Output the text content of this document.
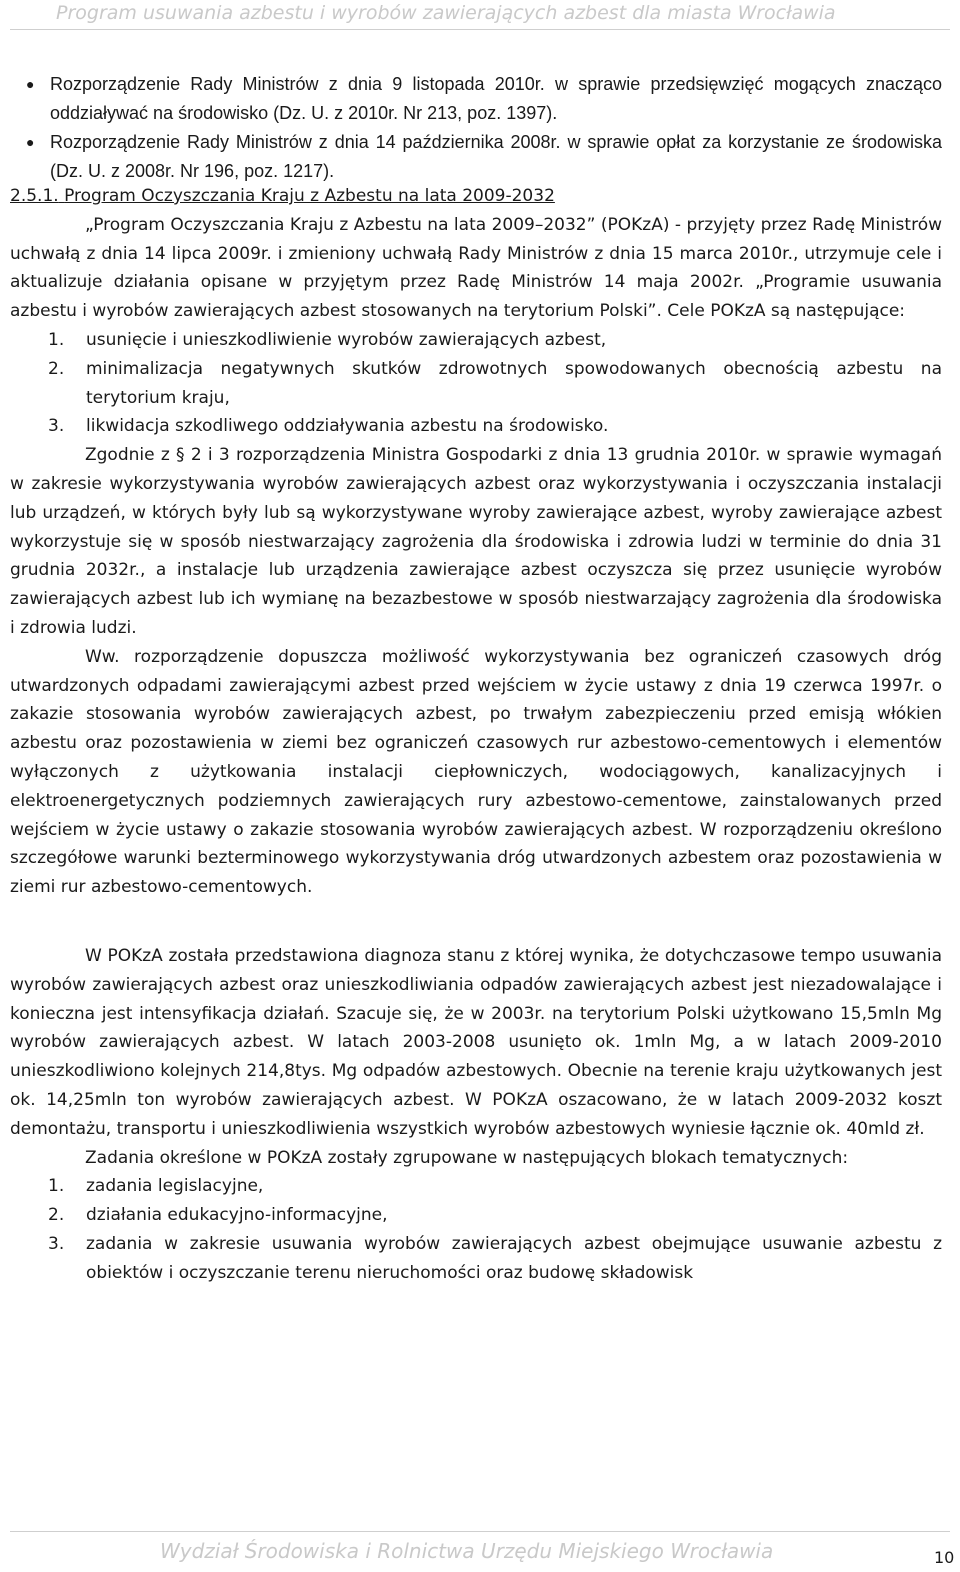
Program usuwania azbestu i wyrobów zawierających azbest dla miasta Wrocławia
● Rozporządzenie Rady Ministrów z dnia 9 listopada 2010r. w sprawie przedsięwzięć mogących znacząco oddziaływać na środowisko (Dz. U. z 2010r. Nr 213, poz. 1397).
● Rozporządzenie Rady Ministrów z dnia 14 października 2008r. w sprawie opłat za korzystanie ze środowiska (Dz. U. z 2008r. Nr 196, poz. 1217).
2.5.1. Program Oczyszczania Kraju z Azbestu na lata 2009-2032

„Program Oczyszczania Kraju z Azbestu na lata 2009–2032” (POKzA) - przyjęty przez Radę Ministrów uchwałą z dnia 14 lipca 2009r. i zmieniony uchwałą Rady Ministrów z dnia 15 marca 2010r., utrzymuje cele i aktualizuje działania opisane w przyjętym przez Radę Ministrów 14 maja 2002r. „Programie usuwania azbestu i wyrobów zawierających azbest stosowanych na terytorium Polski”. Cele POKzA są następujące:

1. usunięcie i unieszkodliwienie wyrobów zawierających azbest,
2. minimalizacja negatywnych skutków zdrowotnych spowodowanych obecnością azbestu na terytorium kraju,
3. likwidacja szkodliwego oddziaływania azbestu na środowisko.

Zgodnie z § 2 i 3 rozporządzenia Ministra Gospodarki z dnia 13 grudnia 2010r. w sprawie wymagań w zakresie wykorzystywania wyrobów zawierających azbest oraz wykorzystywania i oczyszczania instalacji lub urządzeń, w których były lub są wykorzystywane wyroby zawierające azbest, wyroby zawierające azbest wykorzystuje się w sposób niestwarzający zagrożenia dla środowiska i zdrowia ludzi w terminie do dnia 31 grudnia 2032r., a instalacje lub urządzenia zawierające azbest oczyszcza się przez usunięcie wyrobów zawierających azbest lub ich wymianę na bezazbestowe w sposób niestwarzający zagrożenia dla środowiska i zdrowia ludzi.

Ww. rozporządzenie dopuszcza możliwość wykorzystywania bez ograniczeń czasowych dróg utwardzonych odpadami zawierającymi azbest przed wejściem w życie ustawy z dnia 19 czerwca 1997r. o zakazie stosowania wyrobów zawierających azbest, po trwałym zabezpieczeniu przed emisją włókien azbestu oraz pozostawienia w ziemi bez ograniczeń czasowych rur azbestowo-cementowych i elementów wyłączonych z użytkowania instalacji ciepłowniczych, wodociągowych, kanalizacyjnych i elektroenergetycznych podziemnych zawierających rury azbestowo-cementowe, zainstalowanych przed wejściem w życie ustawy o zakazie stosowania wyrobów zawierających azbest. W rozporządzeniu określono szczegółowe warunki bezterminowego wykorzystywania dróg utwardzonych azbestem oraz pozostawienia w ziemi rur azbestowo-cementowych.

W POKzA została przedstawiona diagnoza stanu z której wynika, że dotychczasowe tempo usuwania wyrobów zawierających azbest oraz unieszkodliwiania odpadów zawierających azbest jest niezadowalające i konieczna jest intensyfikacja działań. Szacuje się, że w 2003r. na terytorium Polski użytkowano 15,5mln Mg wyrobów zawierających azbest. W latach 2003-2008 usunięto ok. 1mln Mg, a w latach 2009-2010 unieszkodliwiono kolejnych 214,8tys. Mg odpadów azbestowych. Obecnie na terenie kraju użytkowanych jest ok. 14,25mln ton wyrobów zawierających azbest. W POKzA oszacowano, że w latach 2009-2032 koszt demontażu, transportu i unieszkodliwienia wszystkich wyrobów azbestowych wyniesie łącznie ok. 40mld zł.

Zadania określone w POKzA zostały zgrupowane w następujących blokach tematycznych:

1. zadania legislacyjne,
2. działania edukacyjno-informacyjne,
3. zadania w zakresie usuwania wyrobów zawierających azbest obejmujące usuwanie azbestu z obiektów i oczyszczanie terenu nieruchomości oraz budowę składowisk
Wydział Środowiska i Rolnictwa Urzędu Miejskiego Wrocławia	10
